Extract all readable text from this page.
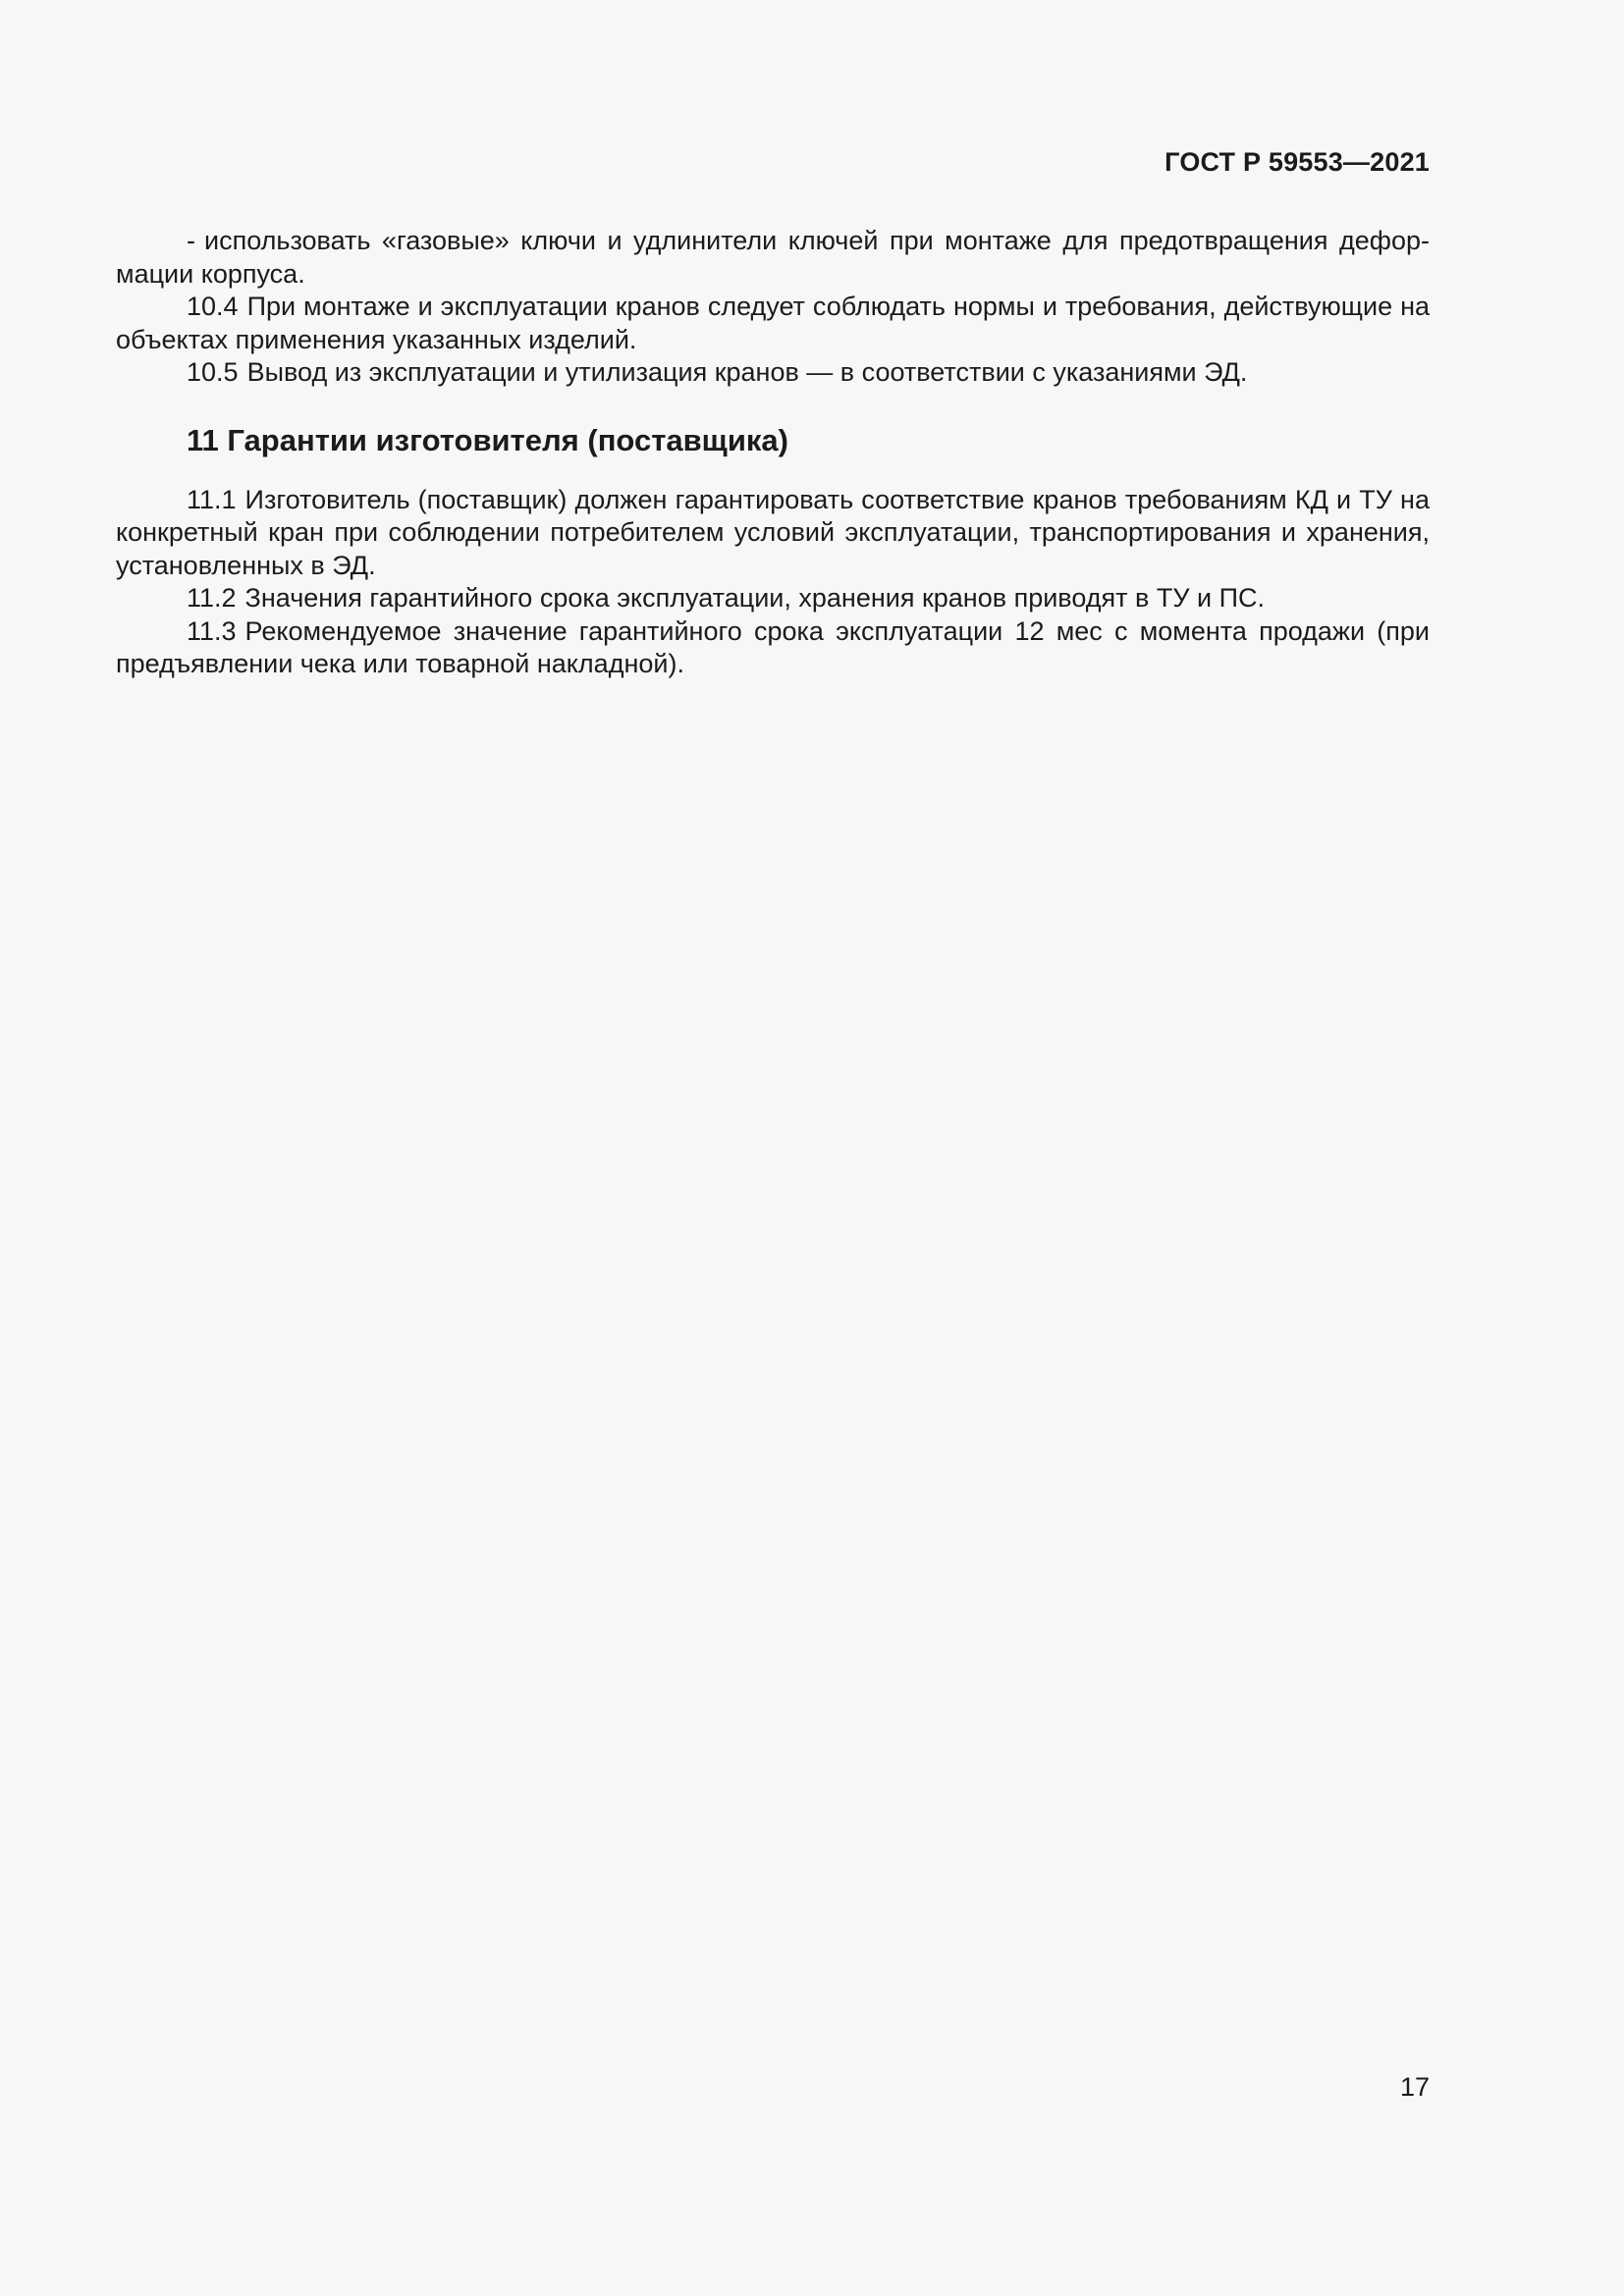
ГОСТ Р 59553—2021

- использовать «газовые» ключи и удлинители ключей при монтаже для предотвращения деформации корпуса.

10.4 При монтаже и эксплуатации кранов следует соблюдать нормы и требования, действующие на объектах применения указанных изделий.

10.5 Вывод из эксплуатации и утилизация кранов — в соответствии с указаниями ЭД.

11 Гарантии изготовителя (поставщика)

11.1 Изготовитель (поставщик) должен гарантировать соответствие кранов требованиям КД и ТУ на конкретный кран при соблюдении потребителем условий эксплуатации, транспортирования и хранения, установленных в ЭД.

11.2 Значения гарантийного срока эксплуатации, хранения кранов приводят в ТУ и ПС.

11.3 Рекомендуемое значение гарантийного срока эксплуатации 12 мес с момента продажи (при предъявлении чека или товарной накладной).

17
